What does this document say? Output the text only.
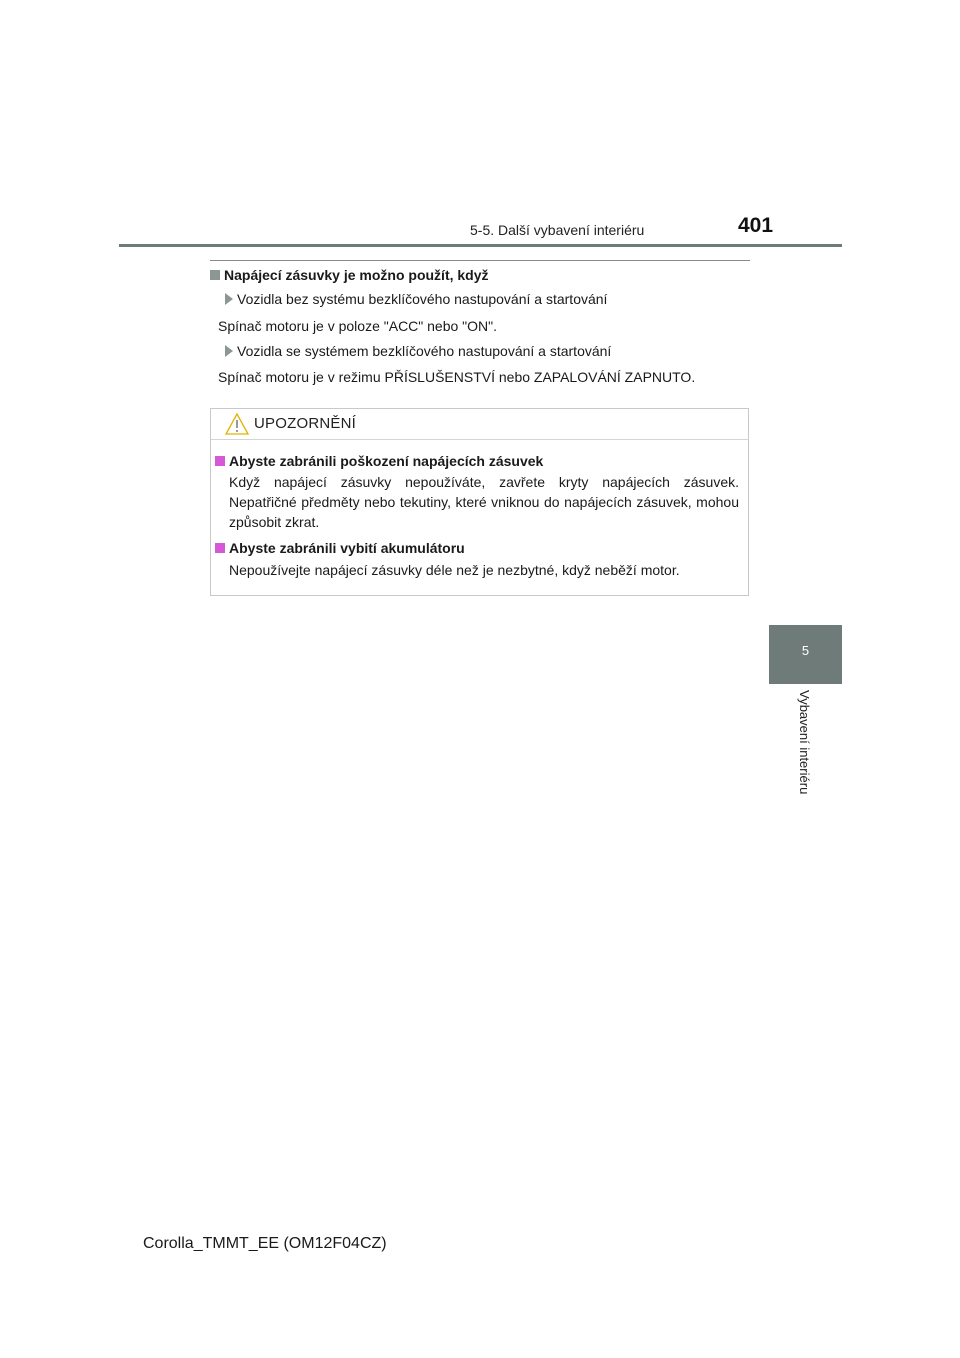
5-5. Další vybavení interiéru	401
Napájecí zásuvky je možno použít, když
Vozidla bez systému bezklíčového nastupování a startování
Spínač motoru je v poloze "ACC" nebo "ON".
Vozidla se systémem bezklíčového nastupování a startování
Spínač motoru je v režimu PŘÍSLUŠENSTVÍ nebo ZAPALOVÁNÍ ZAPNUTO.
UPOZORNĚNÍ
Abyste zabránili poškození napájecích zásuvek
Když napájecí zásuvky nepoužíváte, zavřete kryty napájecích zásuvek. Nepatřičné předměty nebo tekutiny, které vniknou do napájecích zásuvek, mohou způsobit zkrat.
Abyste zabránili vybití akumulátoru
Nepoužívejte napájecí zásuvky déle než je nezbytné, když neběží motor.
5
Vybavení interiéru
Corolla_TMMT_EE (OM12F04CZ)
